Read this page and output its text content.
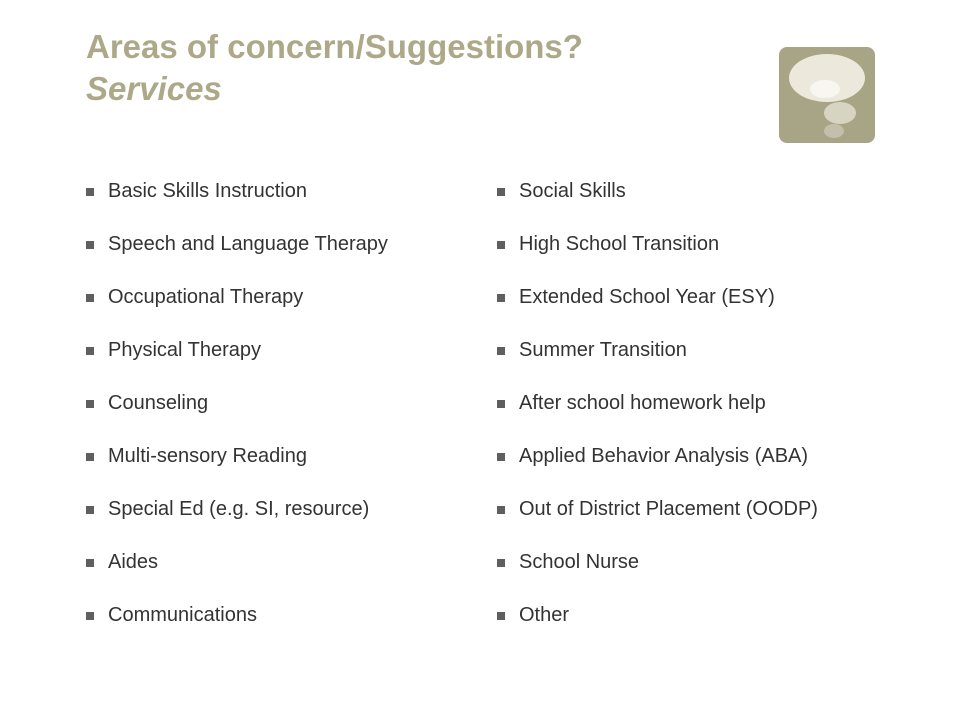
Areas of concern/Suggestions?
Services
Basic Skills Instruction
Speech and Language Therapy
Occupational Therapy
Physical Therapy
Counseling
Multi-sensory Reading
Special Ed (e.g. SI, resource)
Aides
Communications
Social Skills
High School Transition
Extended School Year (ESY)
Summer Transition
After school homework help
Applied Behavior Analysis (ABA)
Out of District Placement (OODP)
School Nurse
Other
